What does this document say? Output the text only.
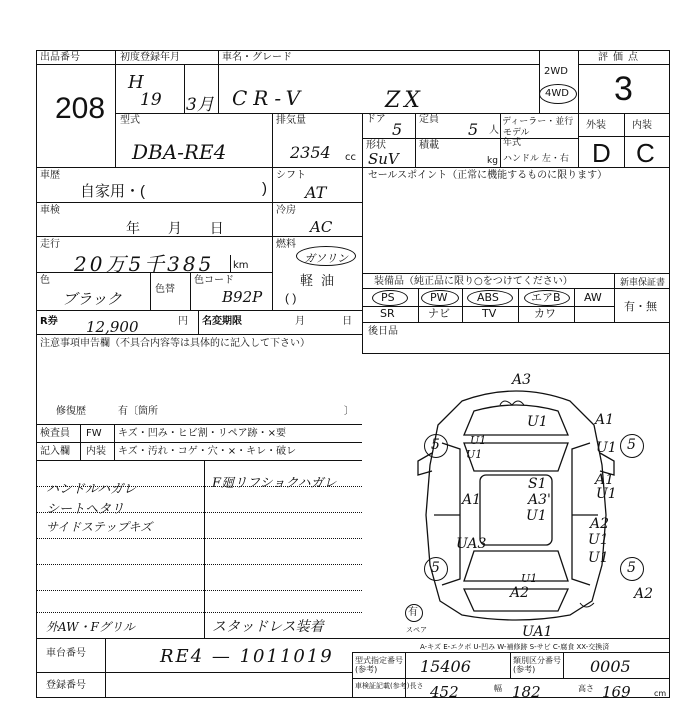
出品番号
208
初度登録年月
H
19 3月
車名・グレード
CR-V	ZX
2WD
4WD
評価点
3
型式
DBA-RE4
排気量
2354 cc
ドア
5
定員
5 人
ディーラー・並行
モデル年式
形状
SuV
積載
kg ハンドル 左・右
外装	内装
D C
車歴
自家用・(	)
シフト
AT
車検
年 月 日
冷房
AC
走行
20万5千385 km
燃料
ガソリン
軽油
( )
色
ブラック
色替
色コード
B92P
R券 12,900	円 名変期限	月 日
注意事項申告欄（不具合内容等は具体的に記入して下さい）
修復歴	有〔箇所	〕
検査員 FW キズ・凹み・ヒビ割・リペア跡・×要
記入欄 内装 キズ・汚れ・コゲ・穴・×・キレ・破レ
ハンドルハガレ
シートヘタリ
サイドステップキズ
F廻リフショクハガレ
外AW・Fグリル	スタッドレス装着
セールスポイント（正常に機能するものに限ります）
装備品（純正品に限り○をつけてください）	新車保証書
有・無
PS	PW	ABS	エアB AW
SR	ナビ	TV	カワ
後日品
A3
U1	A1
U1
5	U1
U1
5
A1
S1
A3'
U1
A1
U1
A2
U1
UA3
5
U1
A2
U1
5
A2
UA1
有
スペア
A-キズ E-エクボ U-凹み W-補修跡 S-サビ C-腐食 XX-交換済
車台番号	RE4 — 1011019
登録番号
型式指定番号(参考)	15406	類別区分番号(参考)	0005
車検証記載(参考)長さ 452	幅 182	高さ 169	cm
